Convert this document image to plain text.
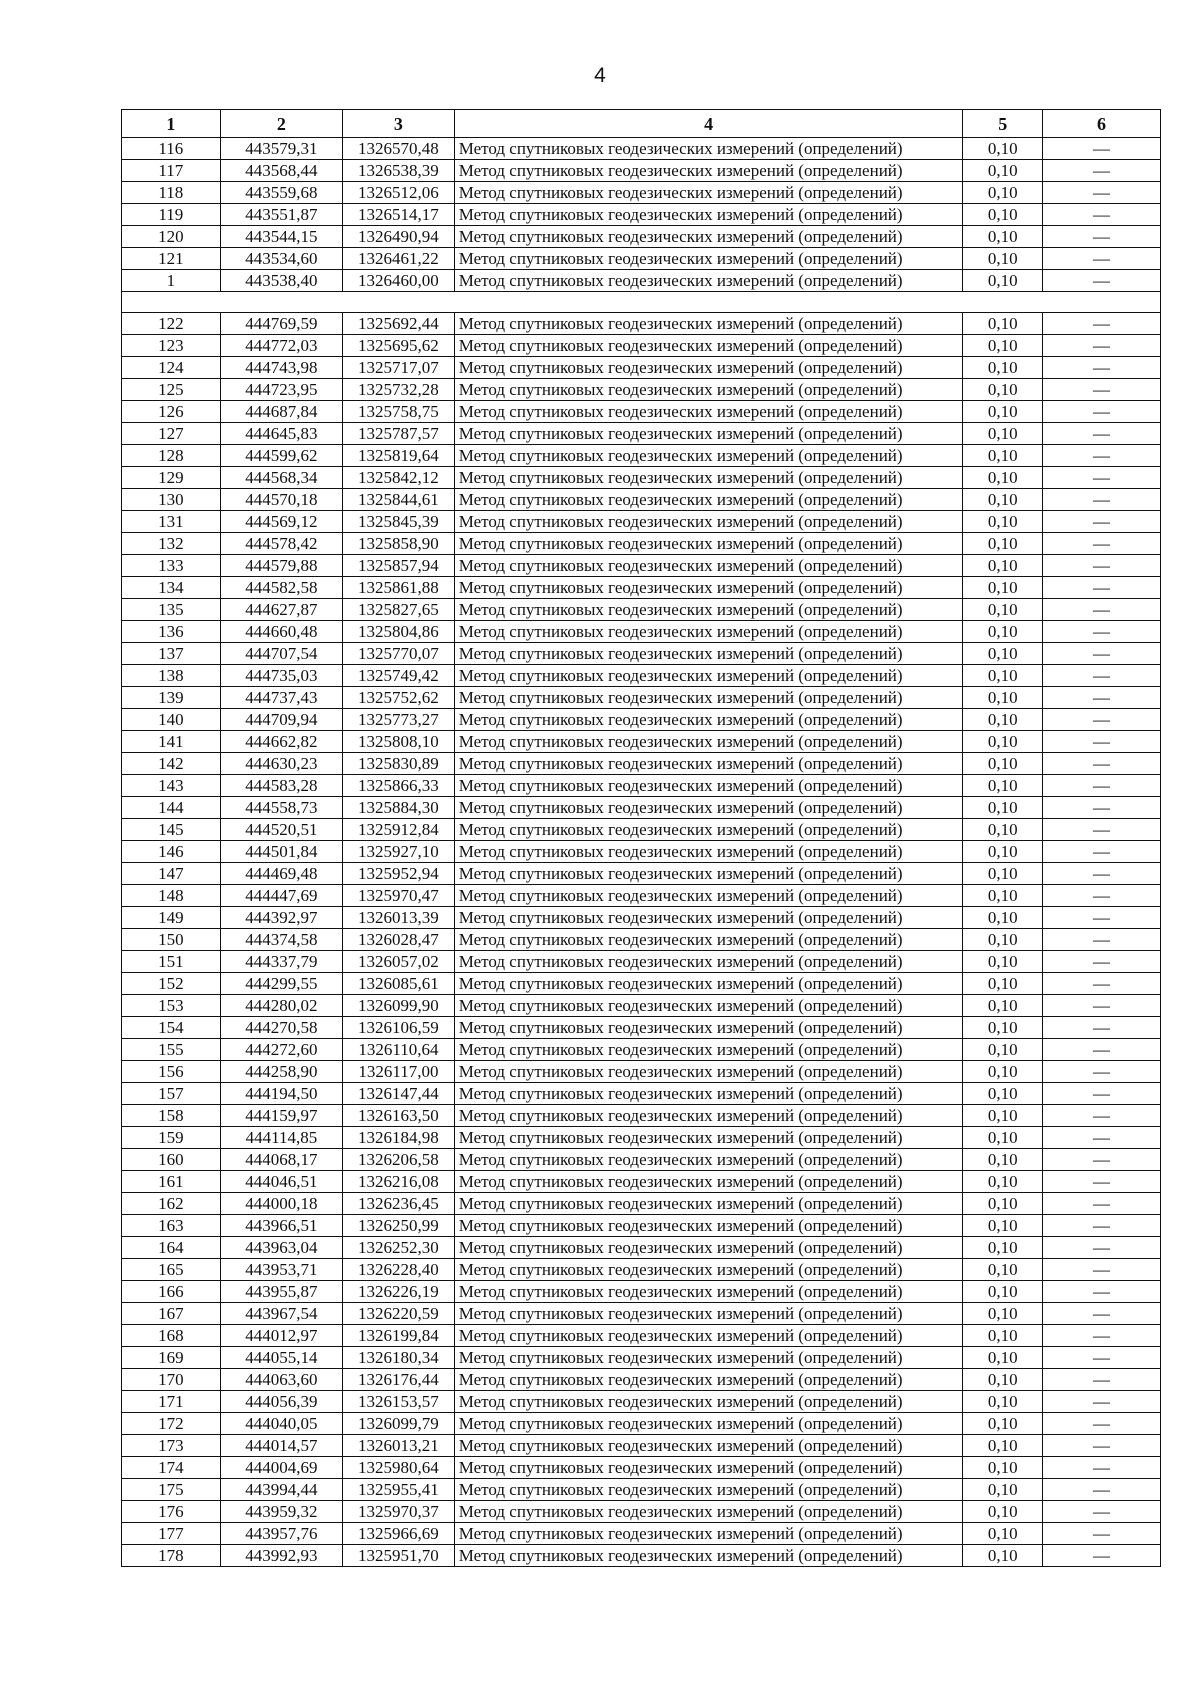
4
1	2	3	4	5	6
116	443579,31	1326570,48	Метод спутниковых геодезических измерений (определений)	0,10	—
117	443568,44	1326538,39	Метод спутниковых геодезических измерений (определений)	0,10	—
118	443559,68	1326512,06	Метод спутниковых геодезических измерений (определений)	0,10	—
119	443551,87	1326514,17	Метод спутниковых геодезических измерений (определений)	0,10	—
120	443544,15	1326490,94	Метод спутниковых геодезических измерений (определений)	0,10	—
121	443534,60	1326461,22	Метод спутниковых геодезических измерений (определений)	0,10	—
1	443538,40	1326460,00	Метод спутниковых геодезических измерений (определений)	0,10	—

122	444769,59	1325692,44	Метод спутниковых геодезических измерений (определений)	0,10	—
123	444772,03	1325695,62	Метод спутниковых геодезических измерений (определений)	0,10	—
124	444743,98	1325717,07	Метод спутниковых геодезических измерений (определений)	0,10	—
125	444723,95	1325732,28	Метод спутниковых геодезических измерений (определений)	0,10	—
126	444687,84	1325758,75	Метод спутниковых геодезических измерений (определений)	0,10	—
127	444645,83	1325787,57	Метод спутниковых геодезических измерений (определений)	0,10	—
128	444599,62	1325819,64	Метод спутниковых геодезических измерений (определений)	0,10	—
129	444568,34	1325842,12	Метод спутниковых геодезических измерений (определений)	0,10	—
130	444570,18	1325844,61	Метод спутниковых геодезических измерений (определений)	0,10	—
131	444569,12	1325845,39	Метод спутниковых геодезических измерений (определений)	0,10	—
132	444578,42	1325858,90	Метод спутниковых геодезических измерений (определений)	0,10	—
133	444579,88	1325857,94	Метод спутниковых геодезических измерений (определений)	0,10	—
134	444582,58	1325861,88	Метод спутниковых геодезических измерений (определений)	0,10	—
135	444627,87	1325827,65	Метод спутниковых геодезических измерений (определений)	0,10	—
136	444660,48	1325804,86	Метод спутниковых геодезических измерений (определений)	0,10	—
137	444707,54	1325770,07	Метод спутниковых геодезических измерений (определений)	0,10	—
138	444735,03	1325749,42	Метод спутниковых геодезических измерений (определений)	0,10	—
139	444737,43	1325752,62	Метод спутниковых геодезических измерений (определений)	0,10	—
140	444709,94	1325773,27	Метод спутниковых геодезических измерений (определений)	0,10	—
141	444662,82	1325808,10	Метод спутниковых геодезических измерений (определений)	0,10	—
142	444630,23	1325830,89	Метод спутниковых геодезических измерений (определений)	0,10	—
143	444583,28	1325866,33	Метод спутниковых геодезических измерений (определений)	0,10	—
144	444558,73	1325884,30	Метод спутниковых геодезических измерений (определений)	0,10	—
145	444520,51	1325912,84	Метод спутниковых геодезических измерений (определений)	0,10	—
146	444501,84	1325927,10	Метод спутниковых геодезических измерений (определений)	0,10	—
147	444469,48	1325952,94	Метод спутниковых геодезических измерений (определений)	0,10	—
148	444447,69	1325970,47	Метод спутниковых геодезических измерений (определений)	0,10	—
149	444392,97	1326013,39	Метод спутниковых геодезических измерений (определений)	0,10	—
150	444374,58	1326028,47	Метод спутниковых геодезических измерений (определений)	0,10	—
151	444337,79	1326057,02	Метод спутниковых геодезических измерений (определений)	0,10	—
152	444299,55	1326085,61	Метод спутниковых геодезических измерений (определений)	0,10	—
153	444280,02	1326099,90	Метод спутниковых геодезических измерений (определений)	0,10	—
154	444270,58	1326106,59	Метод спутниковых геодезических измерений (определений)	0,10	—
155	444272,60	1326110,64	Метод спутниковых геодезических измерений (определений)	0,10	—
156	444258,90	1326117,00	Метод спутниковых геодезических измерений (определений)	0,10	—
157	444194,50	1326147,44	Метод спутниковых геодезических измерений (определений)	0,10	—
158	444159,97	1326163,50	Метод спутниковых геодезических измерений (определений)	0,10	—
159	444114,85	1326184,98	Метод спутниковых геодезических измерений (определений)	0,10	—
160	444068,17	1326206,58	Метод спутниковых геодезических измерений (определений)	0,10	—
161	444046,51	1326216,08	Метод спутниковых геодезических измерений (определений)	0,10	—
162	444000,18	1326236,45	Метод спутниковых геодезических измерений (определений)	0,10	—
163	443966,51	1326250,99	Метод спутниковых геодезических измерений (определений)	0,10	—
164	443963,04	1326252,30	Метод спутниковых геодезических измерений (определений)	0,10	—
165	443953,71	1326228,40	Метод спутниковых геодезических измерений (определений)	0,10	—
166	443955,87	1326226,19	Метод спутниковых геодезических измерений (определений)	0,10	—
167	443967,54	1326220,59	Метод спутниковых геодезических измерений (определений)	0,10	—
168	444012,97	1326199,84	Метод спутниковых геодезических измерений (определений)	0,10	—
169	444055,14	1326180,34	Метод спутниковых геодезических измерений (определений)	0,10	—
170	444063,60	1326176,44	Метод спутниковых геодезических измерений (определений)	0,10	—
171	444056,39	1326153,57	Метод спутниковых геодезических измерений (определений)	0,10	—
172	444040,05	1326099,79	Метод спутниковых геодезических измерений (определений)	0,10	—
173	444014,57	1326013,21	Метод спутниковых геодезических измерений (определений)	0,10	—
174	444004,69	1325980,64	Метод спутниковых геодезических измерений (определений)	0,10	—
175	443994,44	1325955,41	Метод спутниковых геодезических измерений (определений)	0,10	—
176	443959,32	1325970,37	Метод спутниковых геодезических измерений (определений)	0,10	—
177	443957,76	1325966,69	Метод спутниковых геодезических измерений (определений)	0,10	—
178	443992,93	1325951,70	Метод спутниковых геодезических измерений (определений)	0,10	—
